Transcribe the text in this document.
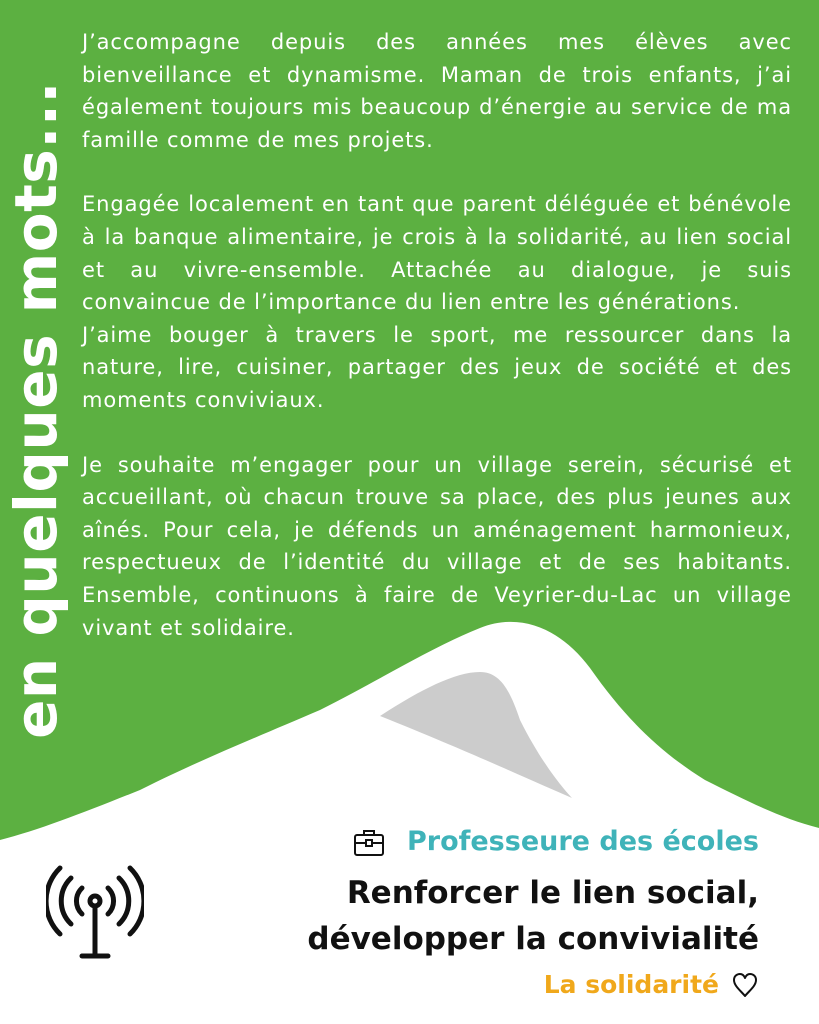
en quelques mots...

J’accompagne depuis des années mes élèves avec bienveillance et dynamisme. Maman de trois enfants, j’ai également toujours mis beaucoup d’énergie au service de ma famille comme de mes projets.

Engagée localement en tant que parent déléguée et bénévole à la banque alimentaire, je crois à la solidarité, au lien social et au vivre-ensemble. Attachée au dialogue, je suis convaincue de l’importance du lien entre les générations.

J’aime bouger à travers le sport, me ressourcer dans la nature, lire, cuisiner, partager des jeux de société et des moments conviviaux.

Je souhaite m’engager pour un village serein, sécurisé et accueillant, où chacun trouve sa place, des plus jeunes aux aînés. Pour cela, je défends un aménagement harmonieux, respectueux de l’identité du village et de ses habitants. Ensemble, continuons à faire de Veyrier-du-Lac un village vivant et solidaire.

Professeure des écoles
Renforcer le lien social,
développer la convivialité
La solidarité
